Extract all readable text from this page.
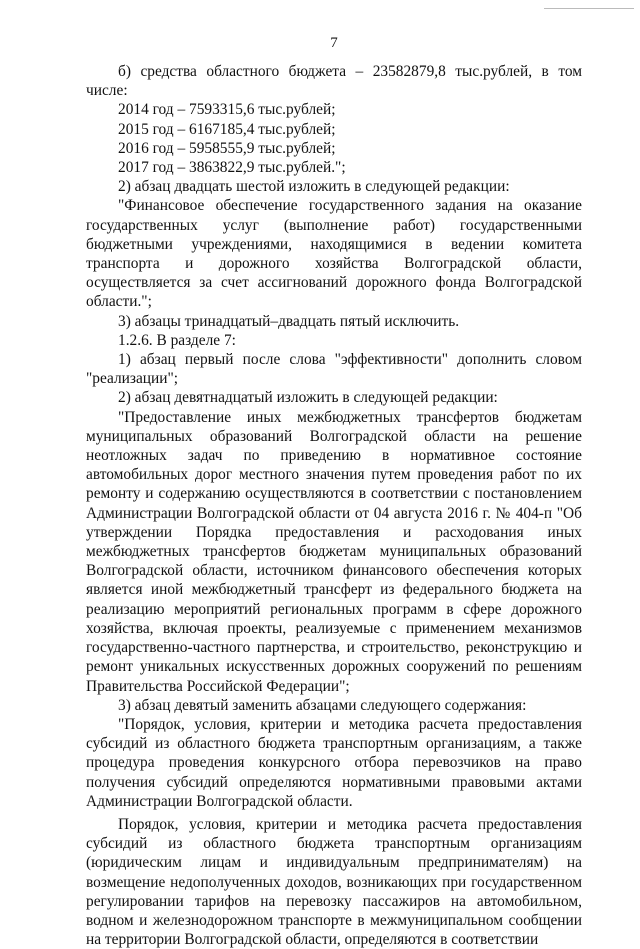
7

б) средства областного бюджета – 23582879,8 тыс.рублей, в том числе:

2014 год – 7593315,6 тыс.рублей;

2015 год – 6167185,4 тыс.рублей;

2016 год – 5958555,9 тыс.рублей;

2017 год – 3863822,9 тыс.рублей.";

2) абзац двадцать шестой изложить в следующей редакции:

"Финансовое обеспечение государственного задания на оказание государственных услуг (выполнение работ) государственными бюджетными учреждениями, находящимися в ведении комитета транспорта и дорожного хозяйства Волгоградской области, осуществляется за счет ассигнований дорожного фонда Волгоградской области.";

3) абзацы тринадцатый–двадцать пятый исключить.

1.2.6. В разделе 7:

1) абзац первый после слова "эффективности" дополнить словом "реализации";

2) абзац девятнадцатый изложить в следующей редакции:

"Предоставление иных межбюджетных трансфертов бюджетам муниципальных образований Волгоградской области на решение неотложных задач по приведению в нормативное состояние автомобильных дорог местного значения путем проведения работ по их ремонту и содержанию осуществляются в соответствии с постановлением Администрации Волгоградской области от 04 августа 2016 г. № 404-п "Об утверждении Порядка предоставления и расходования иных межбюджетных трансфертов бюджетам муниципальных образований Волгоградской области, источником финансового обеспечения которых является иной межбюджетный трансферт из федерального бюджета на реализацию мероприятий региональных программ в сфере дорожного хозяйства, включая проекты, реализуемые с применением механизмов государственно-частного партнерства, и строительство, реконструкцию и ремонт уникальных искусственных дорожных сооружений по решениям Правительства Российской Федерации";

3) абзац девятый заменить абзацами следующего содержания:

"Порядок, условия, критерии и методика расчета предоставления субсидий из областного бюджета транспортным организациям, а также процедура проведения конкурсного отбора перевозчиков на право получения субсидий определяются нормативными правовыми актами Администрации Волгоградской области.

Порядок, условия, критерии и методика расчета предоставления субсидий из областного бюджета транспортным организациям (юридическим лицам и индивидуальным предпринимателям) на возмещение недополученных доходов, возникающих при государственном регулировании тарифов на перевозку пассажиров на автомобильном, водном и железнодорожном транспорте в межмуниципальном сообщении на территории Волгоградской области, определяются в соответствии
